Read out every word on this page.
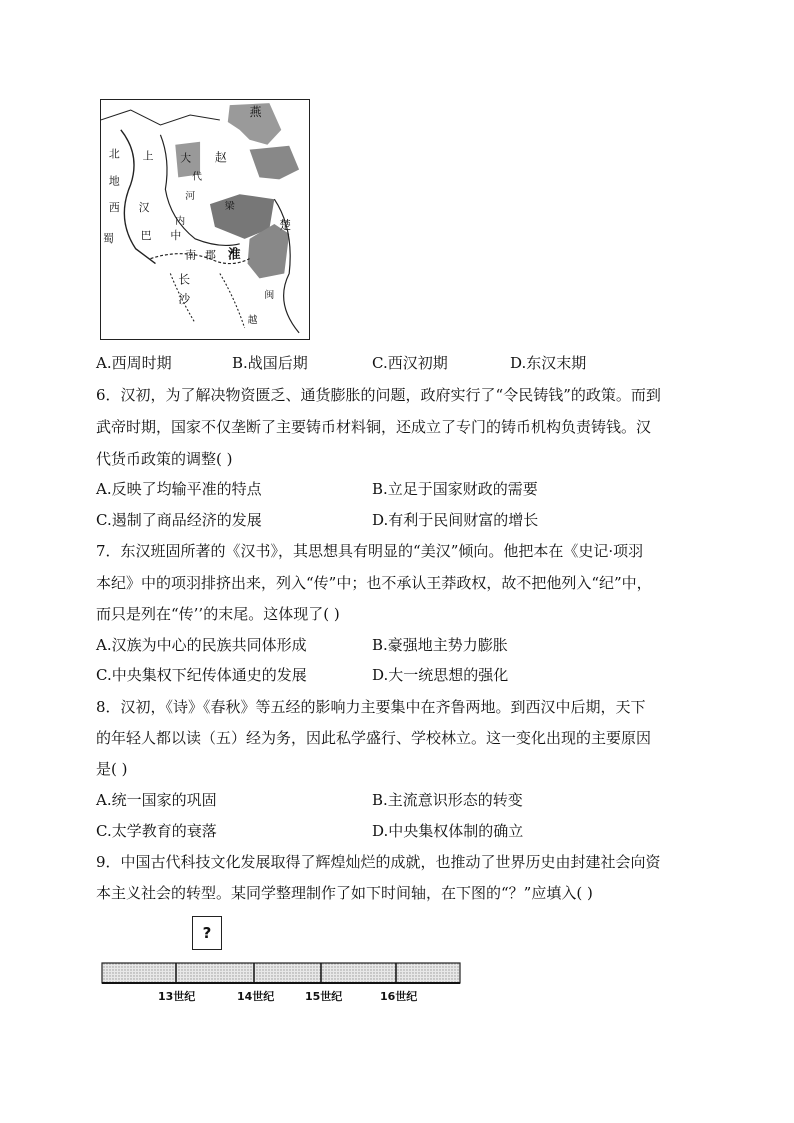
燕
北 上
地
西 汉
巴
蜀
大 赵
代
河
内
中
南 郡
楚
淮
长
沙	闽
越
梁
A.西周时期	B.战国后期	C.西汉初期	D.东汉末期
6．汉初，为了解决物资匮乏、通货膨胀的问题，政府实行了“令民铸钱”的政策。而到
武帝时期，国家不仅垄断了主要铸币材料铜，还成立了专门的铸币机构负责铸钱。汉
代货币政策的调整( )
A.反映了均输平准的特点	B.立足于国家财政的需要
C.遏制了商品经济的发展	D.有利于民间财富的增长
7．东汉班固所著的《汉书》，其思想具有明显的“美汉”倾向。他把本在《史记·项羽
本纪》中的项羽排挤出来，列入“传”中；也不承认王莽政权，故不把他列入“纪”中，
而只是列在“传’’的末尾。这体现了( )
A.汉族为中心的民族共同体形成	B.豪强地主势力膨胀
C.中央集权下纪传体通史的发展	D.大一统思想的强化
8．汉初，《诗》《春秋》等五经的影响力主要集中在齐鲁两地。到西汉中后期，天下
的年轻人都以读（五）经为务，因此私学盛行、学校林立。这一变化出现的主要原因
是( )
A.统一国家的巩固	B.主流意识形态的转变
C.太学教育的衰落	D.中央集权体制的确立
9．中国古代科技文化发展取得了辉煌灿烂的成就，也推动了世界历史由封建社会向资
本主义社会的转型。某同学整理制作了如下时间轴，在下图的“？”应填入( )
?
13世纪	14世纪	15世纪	16世纪
